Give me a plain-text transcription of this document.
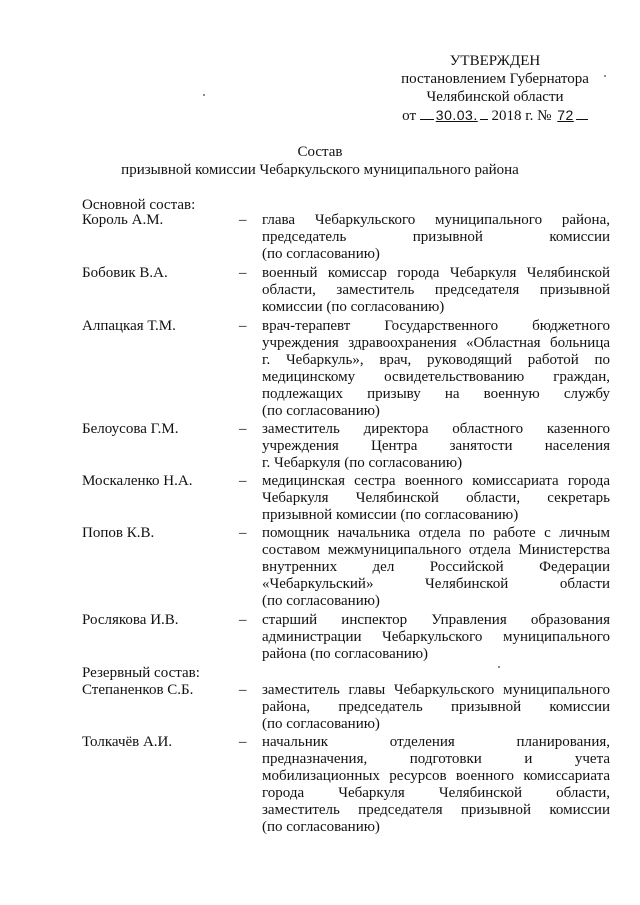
УТВЕРЖДЕН
постановлением Губернатора
Челябинской области
от 30.03. 2018 г. № 72
Состав
призывной комиссии Чебаркульского муниципального района
Основной состав:
Король А.М.	– глава Чебаркульского муниципального района,
председатель призывной комиссии
(по согласованию)
Бобовик В.А.	– военный комиссар города Чебаркуля Челябинской
области, заместитель председателя призывной
комиссии (по согласованию)
Алпацкая Т.М.	– врач-терапевт Государственного бюджетного
учреждения здравоохранения «Областная больница
г. Чебаркуль», врач, руководящий работой по
медицинскому освидетельствованию граждан,
подлежащих призыву на военную службу
(по согласованию)
Белоусова Г.М.	– заместитель директора областного казенного
учреждения Центра занятости населения
г. Чебаркуля (по согласованию)
Москаленко Н.А.	– медицинская сестра военного комиссариата города
Чебаркуля Челябинской области, секретарь
призывной комиссии (по согласованию)
Попов К.В.	– помощник начальника отдела по работе с личным
составом межмуниципального отдела Министерства
внутренних дел Российской Федерации
«Чебаркульский» Челябинской области
(по согласованию)
Рослякова И.В.	– старший инспектор Управления образования
администрации Чебаркульского муниципального
района (по согласованию)
Резервный состав:
Степаненков С.Б.	– заместитель главы Чебаркульского муниципального
района, председатель призывной комиссии
(по согласованию)
Толкачёв А.И.	– начальник отделения планирования,
предназначения, подготовки и учета
мобилизационных ресурсов военного комиссариата
города Чебаркуля Челябинской области,
заместитель председателя призывной комиссии
(по согласованию)
